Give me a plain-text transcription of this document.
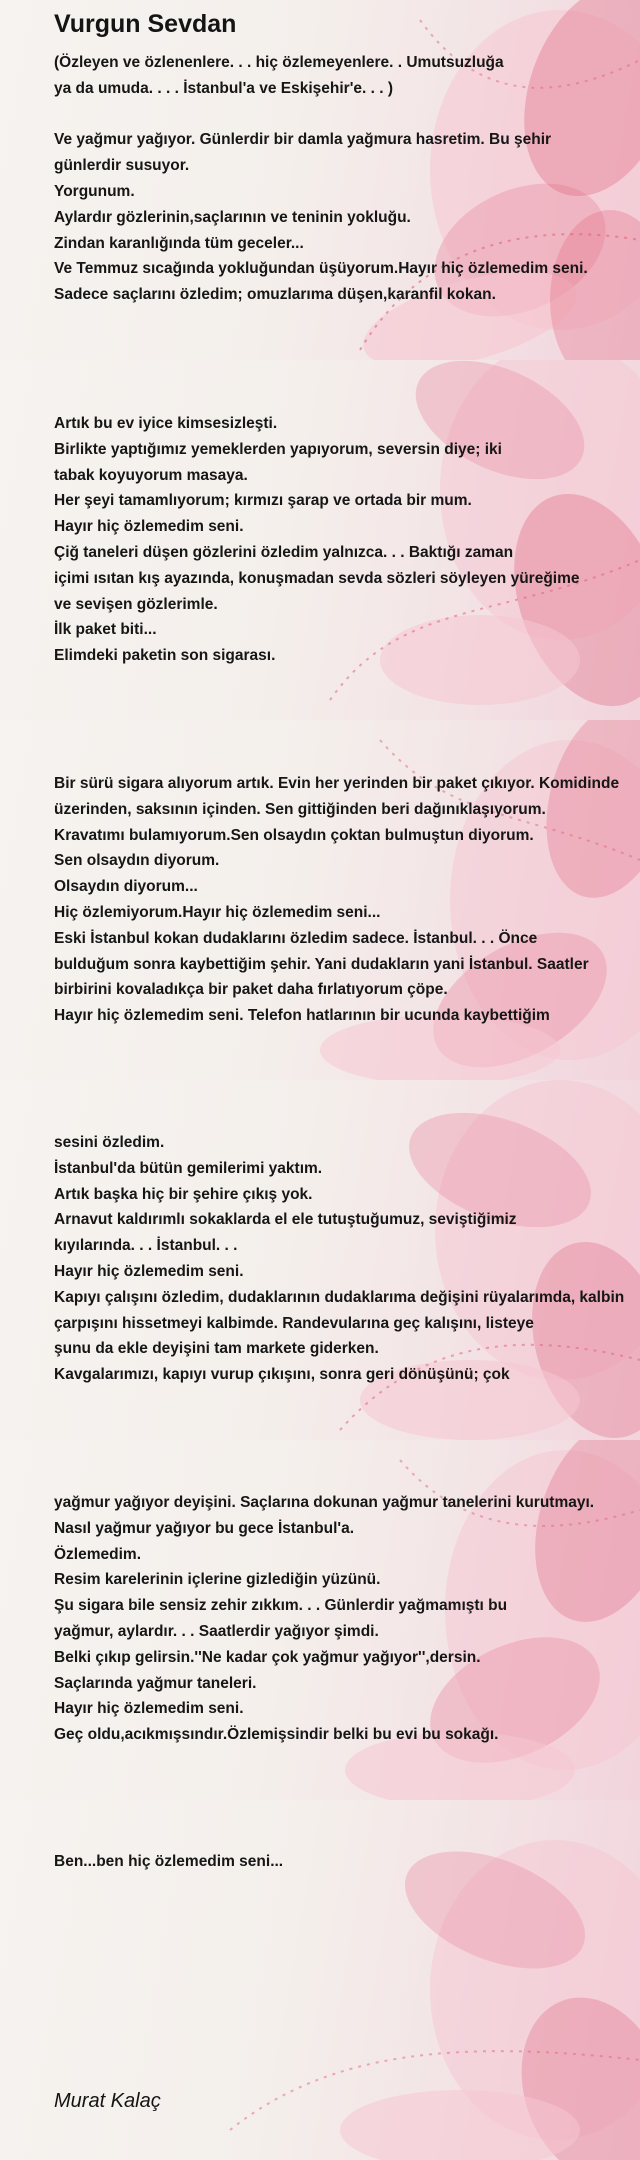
Vurgun Sevdan
(Özleyen ve özlenenlere. . . hiç özlemeyenlere. . Umutsuzluğa
ya da umuda. . . . İstanbul'a ve Eskişehir'e. . . )
Ve yağmur yağıyor. Günlerdir bir damla yağmura hasretim. Bu şehir
günlerdir susuyor.
Yorgunum.
Aylardır gözlerinin,saçlarının ve teninin yokluğu.
Zindan karanlığında tüm geceler...
Ve Temmuz sıcağında yokluğundan üşüyorum.Hayır hiç özlemedim seni.
Sadece saçlarını özledim; omuzlarıma düşen,karanfil kokan.
Artık bu ev iyice kimsesizleşti.
Birlikte yaptığımız yemeklerden yapıyorum, seversin diye; iki
tabak koyuyorum masaya.
Her şeyi tamamlıyorum; kırmızı şarap ve ortada bir mum.
Hayır hiç özlemedim seni.
Çiğ taneleri düşen gözlerini özledim yalnızca. . . Baktığı zaman
içimi ısıtan kış ayazında, konuşmadan sevda sözleri söyleyen yüreğime
ve sevişen gözlerimle.
İlk paket biti...
Elimdeki paketin son sigarası.
Bir sürü sigara alıyorum artık. Evin her yerinden bir paket çıkıyor. Komidinde
üzerinden, saksının içinden. Sen gittiğinden beri dağınıklaşıyorum.
Kravatımı bulamıyorum.Sen olsaydın çoktan bulmuştun diyorum.
Sen olsaydın diyorum.
Olsaydın diyorum...
Hiç özlemiyorum.Hayır hiç özlemedim seni...
Eski İstanbul kokan dudaklarını özledim sadece. İstanbul. . . Önce
bulduğum sonra kaybettiğim şehir. Yani dudakların yani İstanbul. Saatler
birbirini kovaladıkça bir paket daha fırlatıyorum çöpe.
Hayır hiç özlemedim seni. Telefon hatlarının bir ucunda kaybettiğim
sesini özledim.
İstanbul'da bütün gemilerimi yaktım.
Artık başka hiç bir şehire çıkış yok.
Arnavut kaldırımlı sokaklarda el ele tutuştuğumuz, seviştiğimiz
kıyılarında. . . İstanbul. . .
Hayır hiç özlemedim seni.
Kapıyı çalışını özledim, dudaklarının dudaklarıma değişini rüyalarımda, kalbin
çarpışını hissetmeyi kalbimde. Randevularına geç kalışını, listeye
şunu da ekle deyişini tam markete giderken.
Kavgalarımızı, kapıyı vurup çıkışını, sonra geri dönüşünü; çok
yağmur yağıyor deyişini. Saçlarına dokunan yağmur tanelerini kurutmayı.
Nasıl yağmur yağıyor bu gece İstanbul'a.
Özlemedim.
Resim karelerinin içlerine gizlediğin yüzünü.
Şu sigara bile sensiz zehir zıkkım. . . Günlerdir yağmamıştı bu
yağmur, aylardır. . . Saatlerdir yağıyor şimdi.
Belki çıkıp gelirsin.''Ne kadar çok yağmur yağıyor'',dersin.
Saçlarında yağmur taneleri.
Hayır hiç özlemedim seni.
Geç oldu,acıkmışsındır.Özlemişsindir belki bu evi bu sokağı.
Ben...ben hiç özlemedim seni...
Murat Kalaç
